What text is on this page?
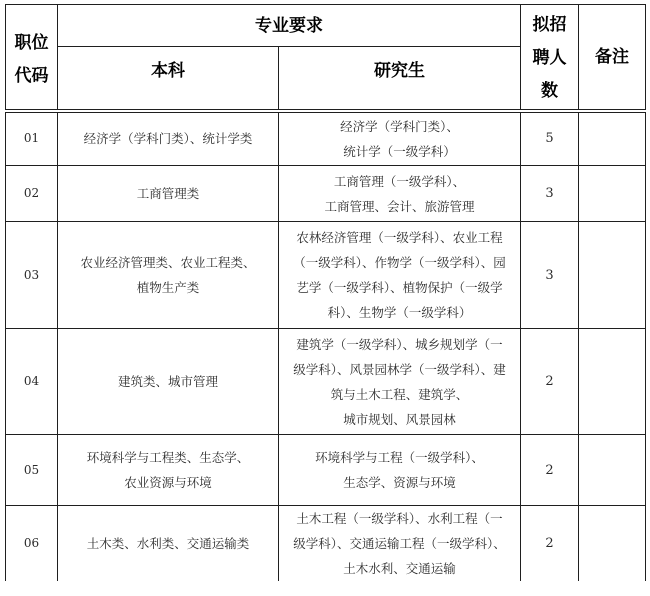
职位
代码	专业要求		拟招
聘人
数	备注
	本科	研究生		
01	经济学（学科门类）、统计学类	经济学（学科门类）、
统计学（一级学科）	5	
02	工商管理类	工商管理（一级学科）、
工商管理、会计、旅游管理	3	
03	农业经济管理类、农业工程类、
植物生产类	农林经济管理（一级学科）、农业工程
（一级学科）、作物学（一级学科）、园
艺学（一级学科）、植物保护（一级学
科）、生物学（一级学科）	3	
04	建筑类、城市管理	建筑学（一级学科）、城乡规划学（一
级学科）、风景园林学（一级学科）、建
筑与土木工程、建筑学、
城市规划、风景园林	2	
05	环境科学与工程类、生态学、
农业资源与环境	环境科学与工程（一级学科）、
生态学、资源与环境	2	
06	土木类、水利类、交通运输类	土木工程（一级学科）、水利工程（一
级学科）、交通运输工程（一级学科）、
土木水利、交通运输	2	
